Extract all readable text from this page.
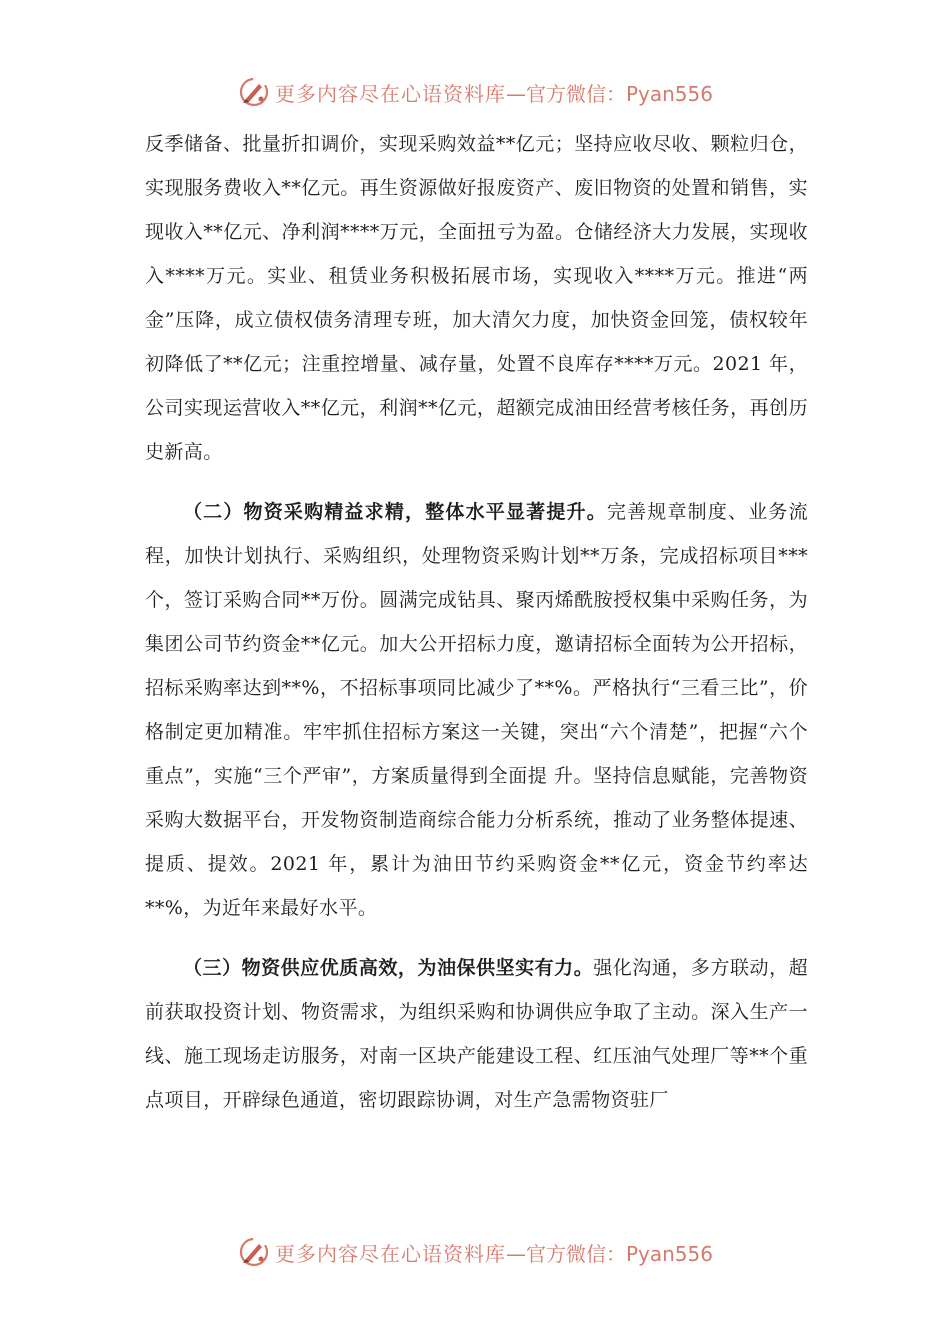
更多内容尽在心语资料库 —官方微信：Pyan556

反季储备、批量折扣调价，实现采购效益**亿元；坚持应收尽收、颗粒归仓，实现服务费收入**亿元。再生资源做好报废资产、废旧物资的处置和销售，实现收入**亿元、净利润****万元，全面扭亏为盈。仓储经济大力发展，实现收入****万元。实业、租赁业务积极拓展市场，实现收入****万元。推进“两金”压降，成立债权债务清理专班，加大清欠力度，加快资金回笼，债权较年初降低了**亿元；注重控增量、减存量，处置不良库存****万元。2021 年，公司实现运营收入**亿元，利润**亿元，超额完成油田经营考核任务，再创历史新高。

（二）物资采购精益求精，整体水平显著提升。完善规章制度、业务流程，加快计划执行、采购组织，处理物资采购计划**万条，完成招标项目***个，签订采购合同**万份。圆满完成钻具、聚丙烯酰胺授权集中采购任务，为集团公司节约资金**亿元。加大公开招标力度，邀请招标全面转为公开招标，招标采购率达到**%，不招标事项同比减少了**%。严格执行“三看三比”，价格制定更加精准。牢牢抓住招标方案这一关键，突出“六个清楚”，把握“六个重点”，实施“三个严审”，方案质量得到全面提 升。坚持信息赋能，完善物资采购大数据平台，开发物资制造商综合能力分析系统，推动了业务整体提速、提质、提效。2021 年，累计为油田节约采购资金**亿元，资金节约率达**%，为近年来最好水平。

（三）物资供应优质高效，为油保供坚实有力。强化沟通，多方联动，超前获取投资计划、物资需求，为组织采购和协调供应争取了主动。深入生产一线、施工现场走访服务，对南一区块产能建设工程、红压油气处理厂等**个重点项目，开辟绿色通道，密切跟踪协调，对生产急需物资驻厂

更多内容尽在心语资料库 —官方微信：Pyan556
